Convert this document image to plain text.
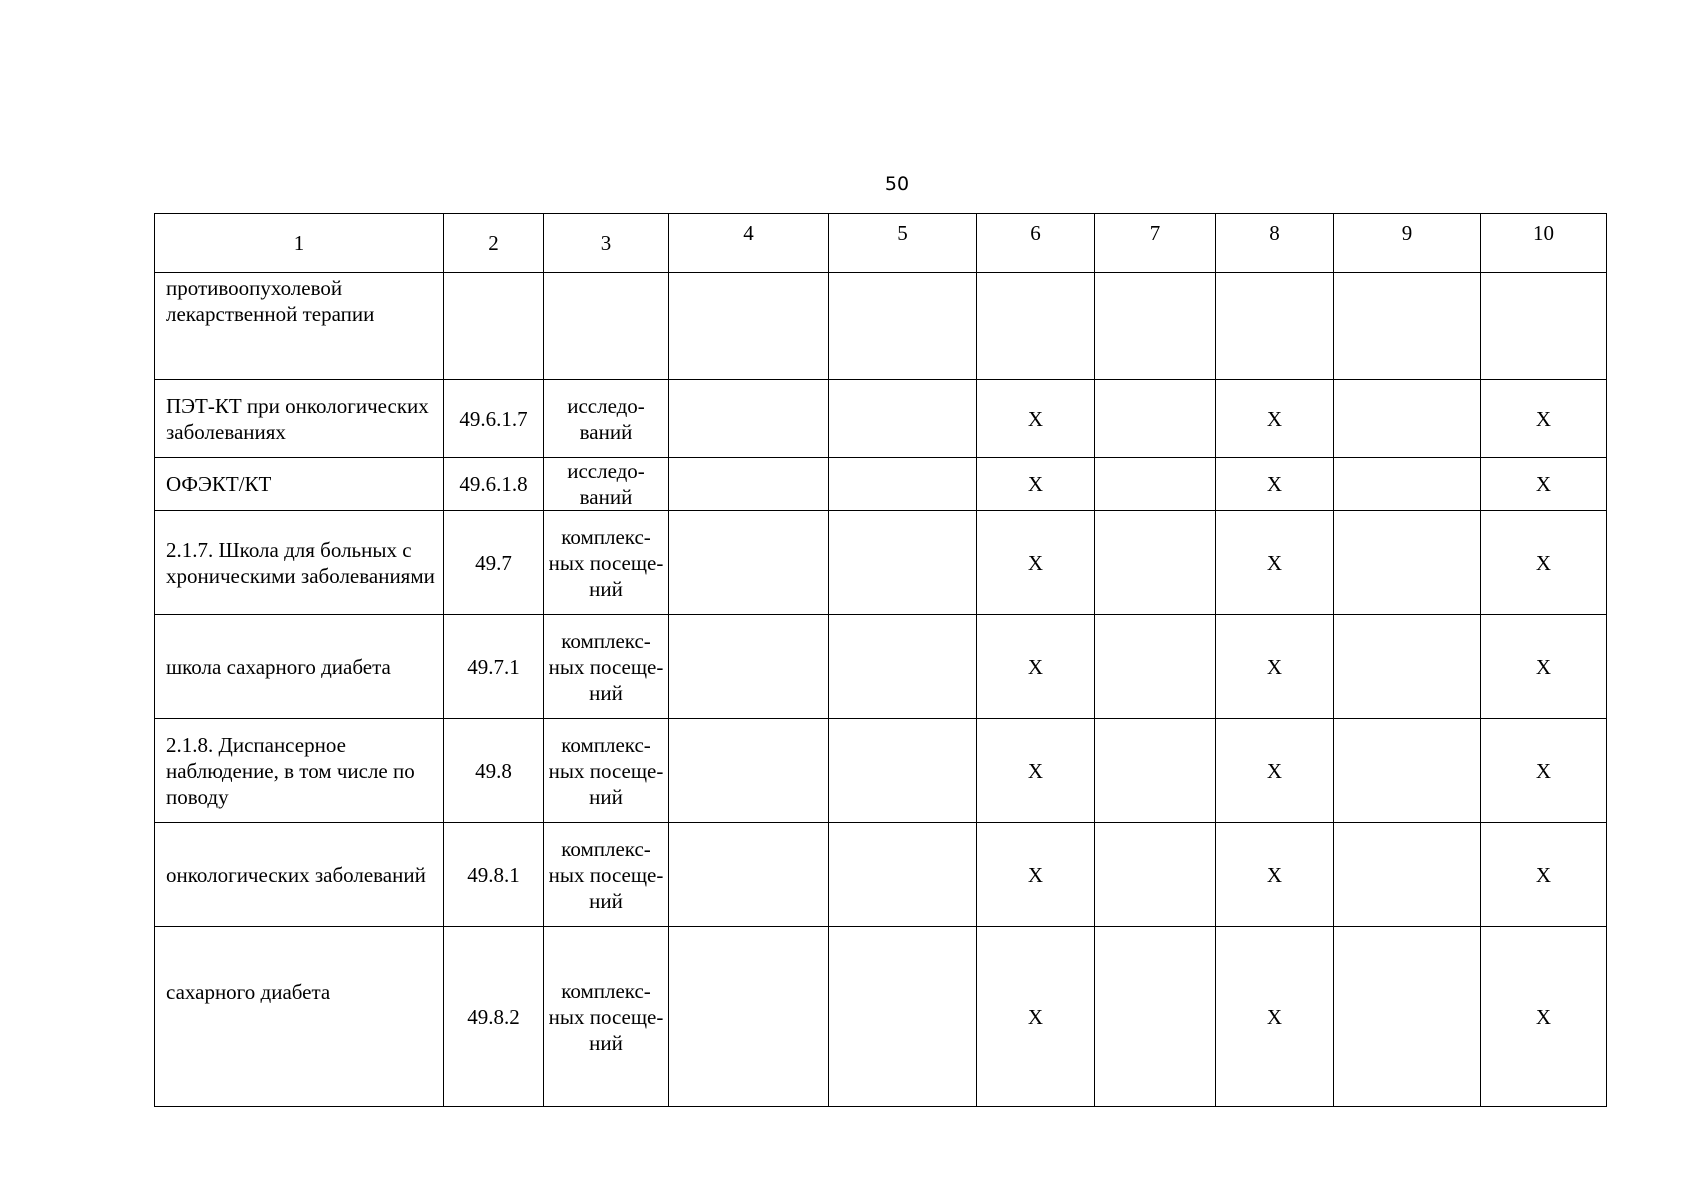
50
1	2	3	4	5	6	7	8	9	10
противоопухолевой лекарственной терапии									
ПЭТ-КТ при онкологических заболеваниях	49.6.1.7	исследо-ваний			X		X		X
ОФЭКТ/КТ	49.6.1.8	исследо-ваний			X		X		X
2.1.7. Школа для больных с хроническими заболеваниями	49.7	комплекс-ных посеще-ний			X		X		X
школа сахарного диабета	49.7.1	комплекс-ных посеще-ний			X		X		X
2.1.8. Диспансерное наблюдение, в том числе по поводу	49.8	комплекс-ных посеще-ний			X		X		X
онкологических заболеваний	49.8.1	комплекс-ных посеще-ний			X		X		X
сахарного диабета	49.8.2	комплекс-ных посеще-ний			X		X		X
